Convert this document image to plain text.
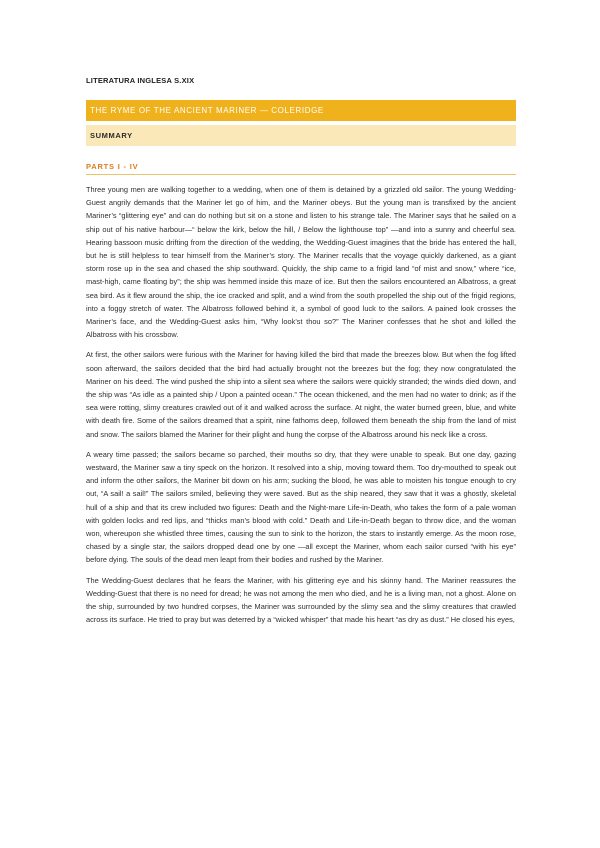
LITERATURA INGLESA S.XIX
THE RYME OF THE ANCIENT MARINER — COLERIDGE
SUMMARY
PARTS I - IV

Three young men are walking together to a wedding, when one of them is detained by a grizzled old sailor. The young Wedding-Guest angrily demands that the Mariner let go of him, and the Mariner obeys. But the young man is transfixed by the ancient Mariner’s “glittering eye” and can do nothing but sit on a stone and listen to his strange tale. The Mariner says that he sailed on a ship out of his native harbour—“ below the kirk, below the hill, / Below the lighthouse top” —and into a sunny and cheerful sea. Hearing bassoon music drifting from the direction of the wedding, the Wedding-Guest imagines that the bride has entered the hall, but he is still helpless to tear himself from the Mariner’s story. The Mariner recalls that the voyage quickly darkened, as a giant storm rose up in the sea and chased the ship southward. Quickly, the ship came to a frigid land “of mist and snow,” where “ice, mast-high, came floating by”; the ship was hemmed inside this maze of ice. But then the sailors encountered an Albatross, a great sea bird. As it flew around the ship, the ice cracked and split, and a wind from the south propelled the ship out of the frigid regions, into a foggy stretch of water. The Albatross followed behind it, a symbol of good luck to the sailors. A pained look crosses the Mariner’s face, and the Wedding-Guest asks him, “Why look’st thou so?” The Mariner confesses that he shot and killed the Albatross with his crossbow.

At first, the other sailors were furious with the Mariner for having killed the bird that made the breezes blow. But when the fog lifted soon afterward, the sailors decided that the bird had actually brought not the breezes but the fog; they now congratulated the Mariner on his deed. The wind pushed the ship into a silent sea where the sailors were quickly stranded; the winds died down, and the ship was “As idle as a painted ship / Upon a painted ocean.” The ocean thickened, and the men had no water to drink; as if the sea were rotting, slimy creatures crawled out of it and walked across the surface. At night, the water burned green, blue, and white with death fire. Some of the sailors dreamed that a spirit, nine fathoms deep, followed them beneath the ship from the land of mist and snow. The sailors blamed the Mariner for their plight and hung the corpse of the Albatross around his neck like a cross.

A weary time passed; the sailors became so parched, their mouths so dry, that they were unable to speak. But one day, gazing westward, the Mariner saw a tiny speck on the horizon. It resolved into a ship, moving toward them. Too dry-mouthed to speak out and inform the other sailors, the Mariner bit down on his arm; sucking the blood, he was able to moisten his tongue enough to cry out, “A sail! a sail!” The sailors smiled, believing they were saved. But as the ship neared, they saw that it was a ghostly, skeletal hull of a ship and that its crew included two figures: Death and the Night-mare Life-in-Death, who takes the form of a pale woman with golden locks and red lips, and “thicks man’s blood with cold.” Death and Life-in-Death began to throw dice, and the woman won, whereupon she whistled three times, causing the sun to sink to the horizon, the stars to instantly emerge. As the moon rose, chased by a single star, the sailors dropped dead one by one —all except the Mariner, whom each sailor cursed “with his eye” before dying. The souls of the dead men leapt from their bodies and rushed by the Mariner.

The Wedding-Guest declares that he fears the Mariner, with his glittering eye and his skinny hand. The Mariner reassures the Wedding-Guest that there is no need for dread; he was not among the men who died, and he is a living man, not a ghost. Alone on the ship, surrounded by two hundred corpses, the Mariner was surrounded by the slimy sea and the slimy creatures that crawled across its surface. He tried to pray but was deterred by a “wicked whisper” that made his heart “as dry as dust.” He closed his eyes,
